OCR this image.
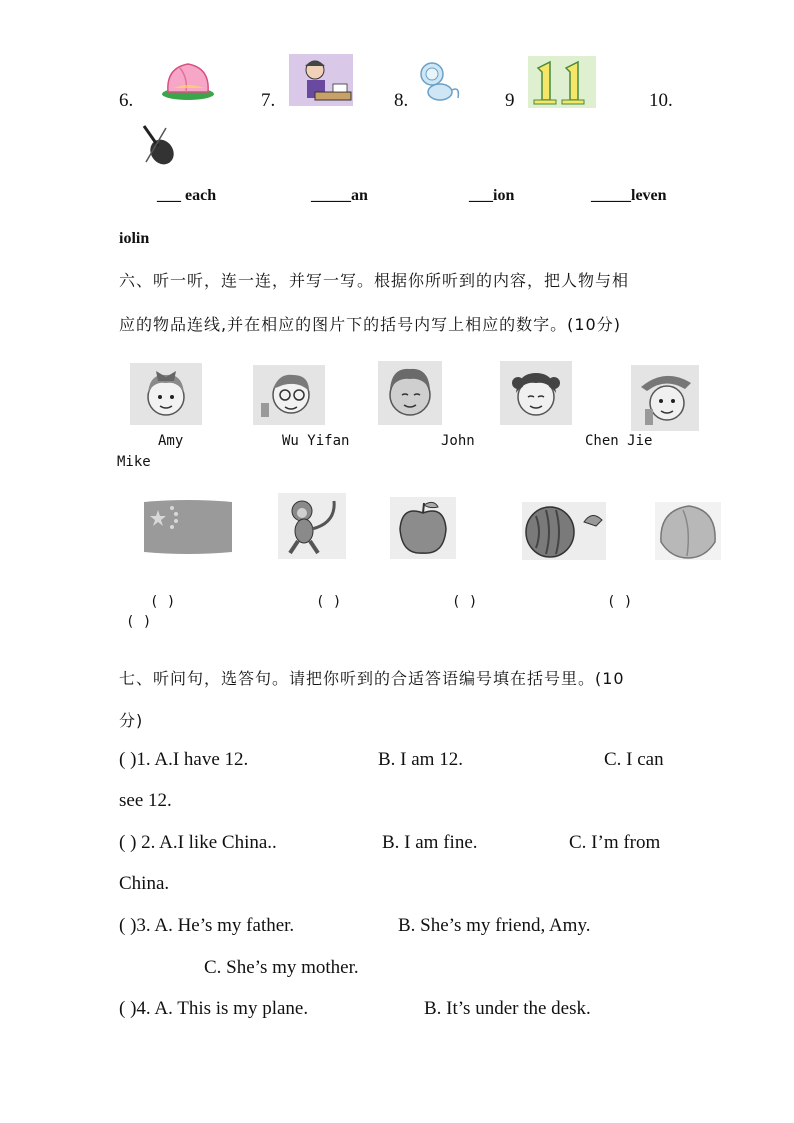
6.	7.	8.	9	10.
___ each	_____an	___ion	_____leven
iolin
六、听一听，连一连，并写一写。根据你所听到的内容，把人物与相
应的物品连线,并在相应的图片下的括号内写上相应的数字。(10分)
Amy	Wu Yifan	John	Chen Jie
Mike
( )	( )	( )	( )
( )
七、听问句，选答句。请把你听到的合适答语编号填在括号里。(10
分)
( )1. A.I have 12.	B. I am 12.	C. I can
see 12.
( ) 2. A.I like China..	B. I am fine.	C. I’m from
China.
( )3. A. He’s my father.	B. She’s my friend, Amy.
C. She’s my mother.
( )4. A. This is my plane.	B. It’s under the desk.
